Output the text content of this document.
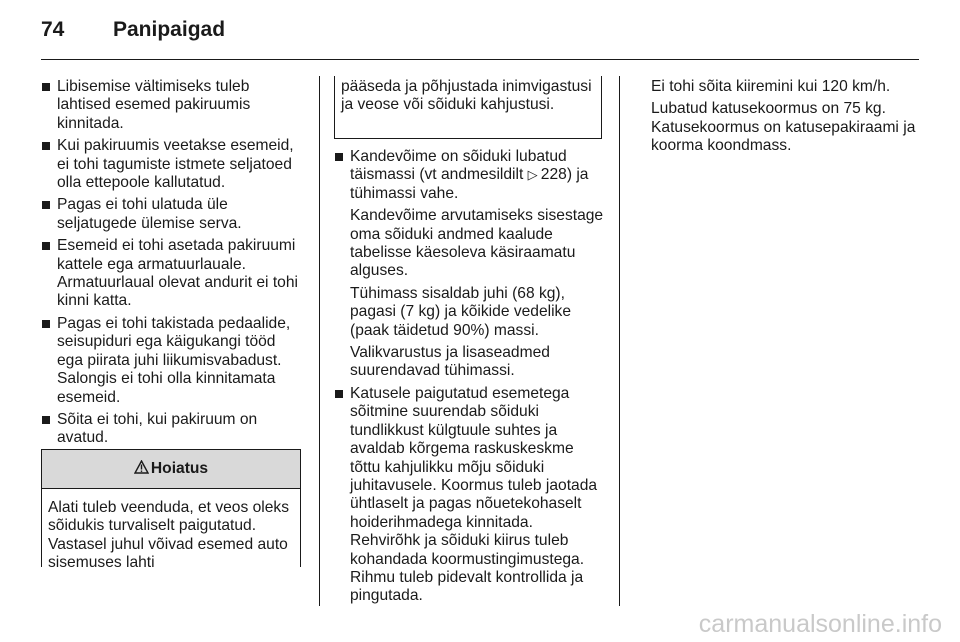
74 Panipaigad
Libisemise vältimiseks tuleb lahtised esemed pakiruumis kinnitada.
Kui pakiruumis veetakse esemeid, ei tohi tagumiste istmete seljatoed olla ettepoole kallutatud.
Pagas ei tohi ulatuda üle seljatugede ülemise serva.
Esemeid ei tohi asetada pakiruumi kattele ega armatuurlauale. Armatuurlaual olevat andurit ei tohi kinni katta.
Pagas ei tohi takistada pedaalide, seisupiduri ega käigukangi tööd ega piirata juhi liikumisvabadust. Salongis ei tohi olla kinnitamata esemeid.
Sõita ei tohi, kui pakiruum on avatud.
Hoiatus
Alati tuleb veenduda, et veos oleks sõidukis turvaliselt paigutatud. Vastasel juhul võivad esemed auto sisemuses lahti
pääseda ja põhjustada inimvigastusi ja veose või sõiduki kahjustusi.
Kandevõime on sõiduki lubatud täismassi (vt andmesildilt ▷  228) ja tühimassi vahe.

Kandevõime arvutamiseks sisestage oma sõiduki andmed kaalude tabelisse käesoleva käsiraamatu alguses.

Tühimass sisaldab juhi (68 kg), pagasi (7 kg) ja kõikide vedelike (paak täidetud 90%) massi.

Valikvarustus ja lisaseadmed suurendavad tühimassi.

Katusele paigutatud esemetega sõitmine suurendab sõiduki tundlikkust külgtuule suhtes ja avaldab kõrgema raskuskeskme tõttu kahjulikku mõju sõiduki juhitavusele. Koormus tuleb jaotada ühtlaselt ja pagas nõuetekohaselt hoiderihmadega kinnitada. Rehvirõhk ja sõiduki kiirus tuleb kohandada koormustingimustega. Rihmu tuleb pidevalt kontrollida ja pingutada.

Ei tohi sõita kiiremini kui 120 km/h.

Lubatud katusekoormus on 75 kg. Katusekoormus on katusepakiraami ja koorma koondmass.

carmanualsonline.info
